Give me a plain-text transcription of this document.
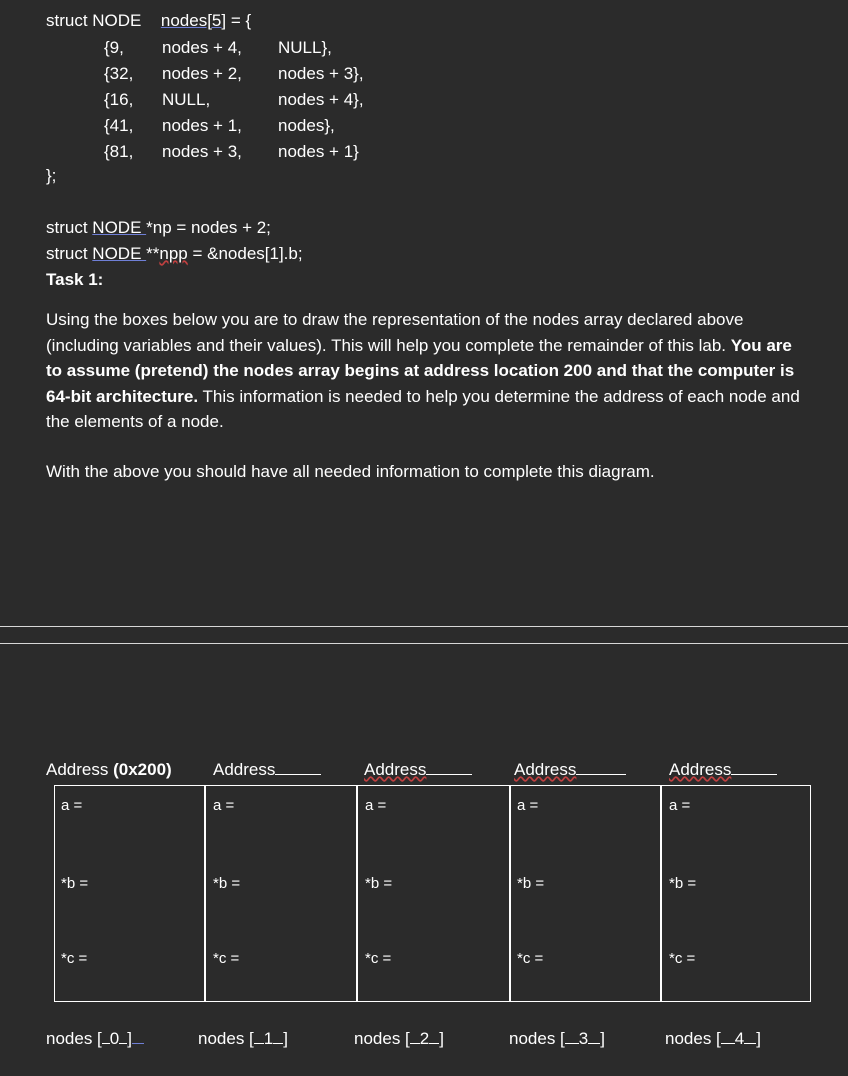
struct NODE nodes[5] = {
{9, nodes + 4, NULL},
{32, nodes + 2, nodes + 3},
{16, NULL,	nodes + 4},
{41, nodes + 1, nodes},
{81, nodes + 3, nodes + 1}
};
struct NODE *np = nodes + 2;
struct NODE **npp = &nodes[1].b;
Task 1:
Using the boxes below you are to draw the representation of the nodes array declared above (including variables and their values). This will help you complete the remainder of this lab. You are to assume (pretend) the nodes array begins at address location 200 and that the computer is 64-bit architecture. This information is needed to help you determine the address of each node and the elements of a node.
With the above you should have all needed information to complete this diagram.
Address (0x200) Address	Address	Address	Address
a =
*b =
*c =
a =
*b =
*c =
a =
*b =
*c =
a =
*b =
*c =
a =
*b =
*c =
nodes [ 0 ]	nodes [ 1 ]	nodes [ 2 ]	nodes [ 3 ]	nodes [ 4 ]
